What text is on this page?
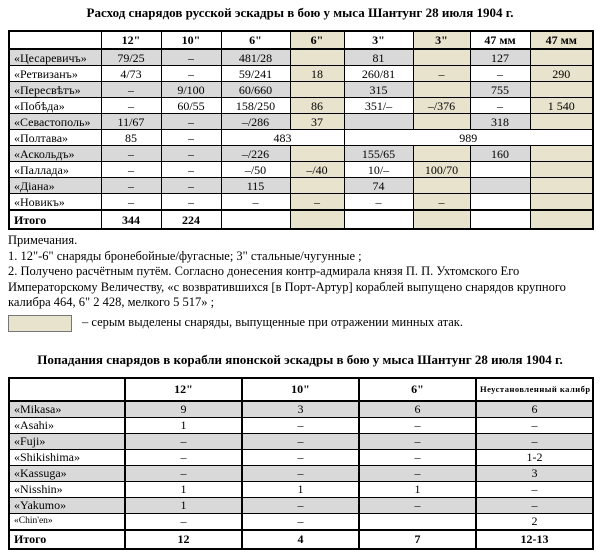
Расход снарядов русской эскадры в бою у мыса Шантунг 28 июля 1904 г.
	12"	10"	6"	6"	3"	3"	47 мм	47 мм
«Цесаревичъ»	79/25	–	481/28		81		127	
«Ретвизанъ»	4/73	–	59/241	18	260/81	–	–	290
«Пересвѣтъ»	–	9/100	60/660		315		755	
«Побѣда»	–	60/55	158/250	86	351/–	–/376	–	1 540
«Севастополь»	11/67	–	–/286	37			318	
«Полтава»	85	–	483		989			
«Аскольдъ»	–	–	–/226		155/65		160	
«Паллада»	–	–	–/50	–/40	10/–	100/70		
«Діана»	–	–	115		74			
«Новикъ»	–	–	–	–	–	–		
Итого	344	224						

Примечания.

1. 12"-6" снаряды бронебойные/фугасные; 3" стальные/чугунные ;

2. Получено расчётным путём. Согласно донесения контр-адмирала князя П. П. Ухтомского Его Императорскому Величеству, «с возвратившихся [в Порт-Артур] кораблей выпущено снарядов крупного калибра 464, 6" 2 428, мелкого 5 517» ;

– серым выделены снаряды, выпущенные при отражении минных атак.
Попадания снарядов в корабли японской эскадры в бою у мыса Шантунг 28 июля 1904 г.
	12"	10"	6"	Неустановленный калибр
«Mikasa»	9	3	6	6
«Asahi»	1	–	–	–
«Fuji»	–	–	–	–
«Shikishima»	–	–	–	1-2
«Kassuga»	–	–	–	3
«Nisshin»	1	1	1	–
«Yakumo»	1	–	–	–
«Chin'en»	–	–		2
Итого	12	4	7	12-13
